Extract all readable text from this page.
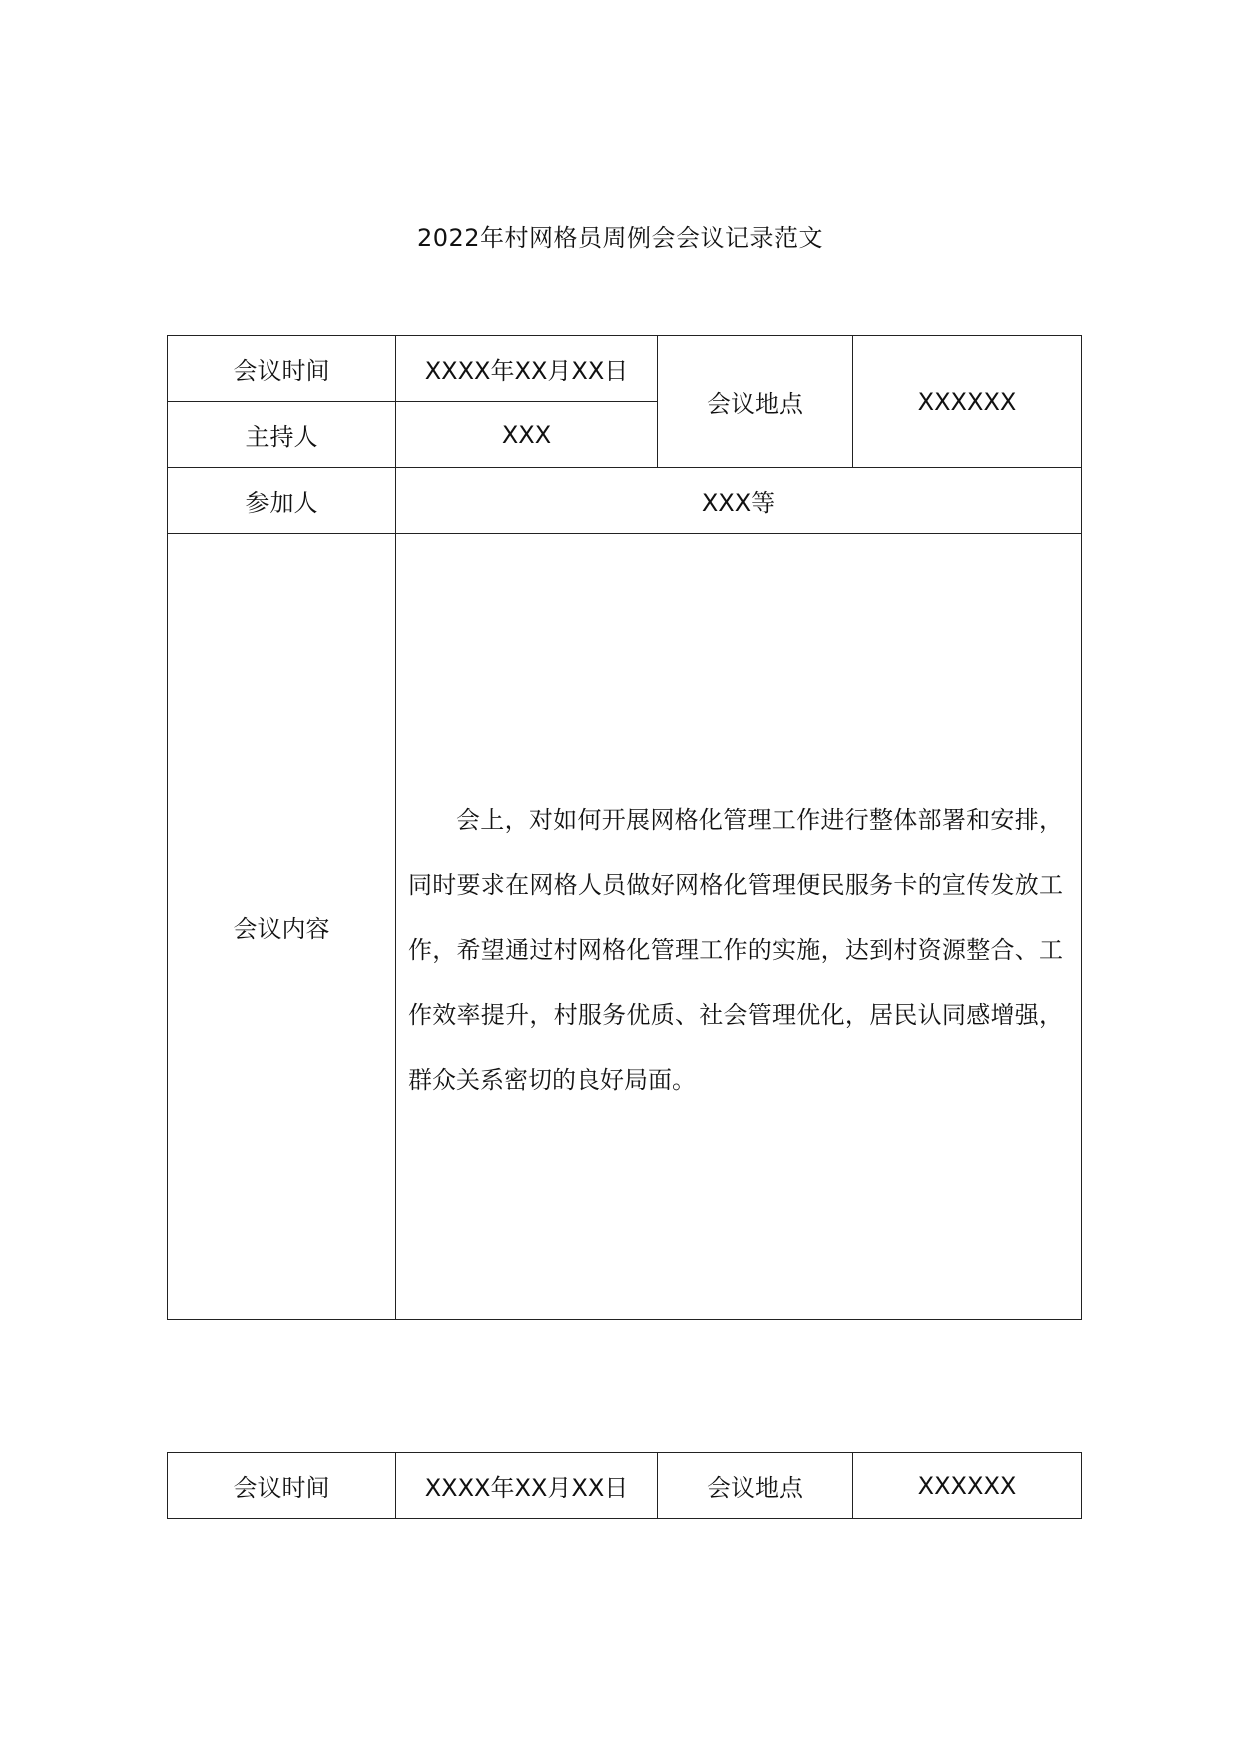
2022年村网格员周例会会议记录范文
会议时间	XXXX年XX月XX日	会议地点	XXXXXX
主持人	XXX		
参加人	XXX等		
会议内容	会上，对如何开展网格化管理工作进行整体部署和安排，同时要求在网格人员做好网格化管理便民服务卡的宣传发放工作，希望通过村网格化管理工作的实施，达到村资源整合、工作效率提升，村服务优质、社会管理优化，居民认同感增强，群众关系密切的良好局面。		

会议时间	XXXX年XX月XX日	会议地点	XXXXXX
